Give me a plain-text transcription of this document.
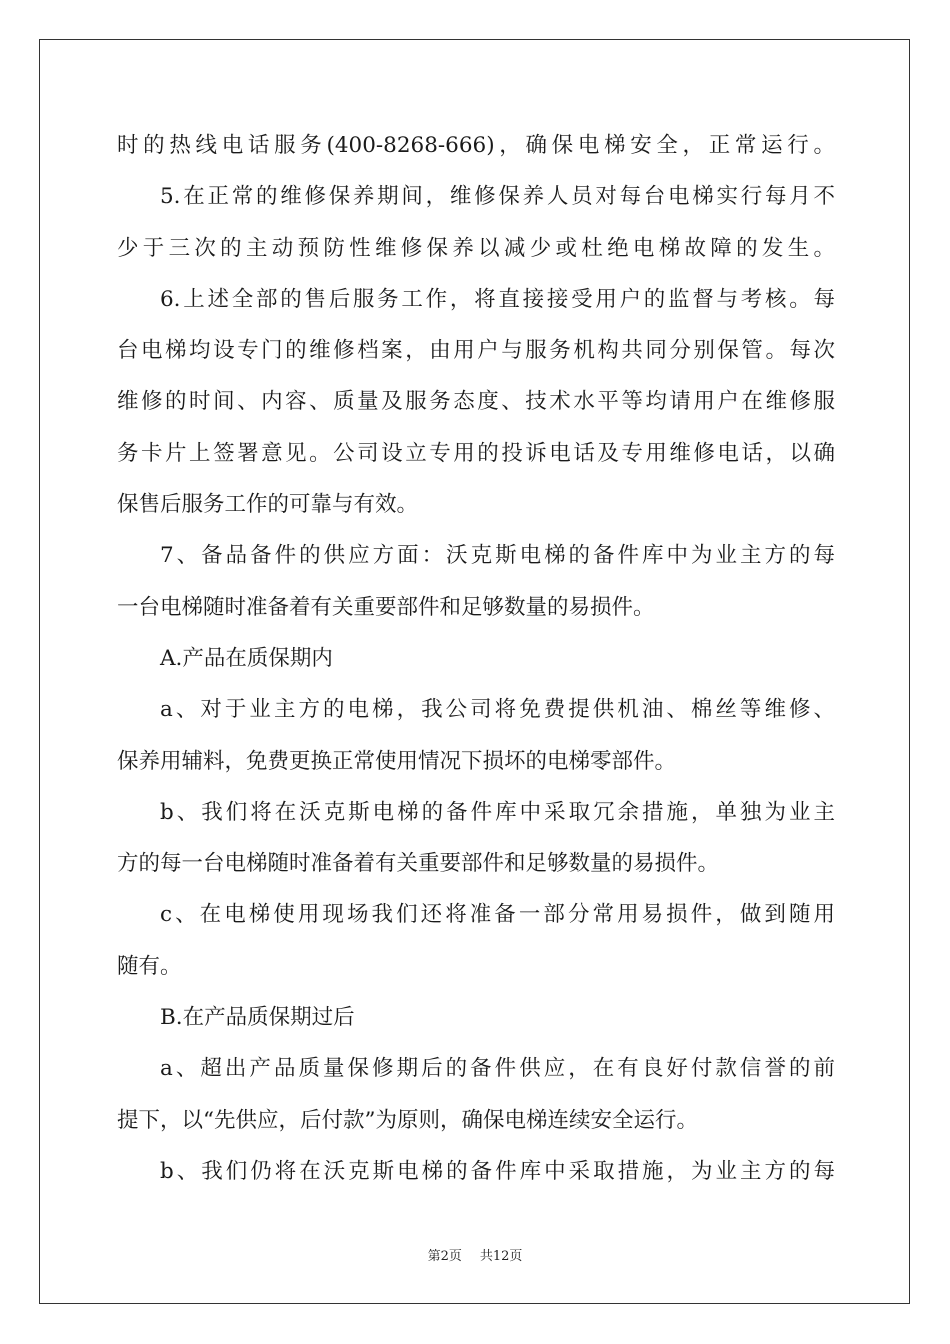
时的热线电话服务(400-8268-666)，确保电梯安全，正常运行。
5.在正常的维修保养期间，维修保养人员对每台电梯实行每月不
少于三次的主动预防性维修保养以减少或杜绝电梯故障的发生。
6.上述全部的售后服务工作，将直接接受用户的监督与考核。每
台电梯均设专门的维修档案，由用户与服务机构共同分别保管。每次
维修的时间、内容、质量及服务态度、技术水平等均请用户在维修服
务卡片上签署意见。公司设立专用的投诉电话及专用维修电话，以确
保售后服务工作的可靠与有效。
7、备品备件的供应方面：沃克斯电梯的备件库中为业主方的每
一台电梯随时准备着有关重要部件和足够数量的易损件。
A.产品在质保期内
a、对于业主方的电梯，我公司将免费提供机油、棉丝等维修、
保养用辅料，免费更换正常使用情况下损坏的电梯零部件。
b、我们将在沃克斯电梯的备件库中采取冗余措施，单独为业主
方的每一台电梯随时准备着有关重要部件和足够数量的易损件。
c、在电梯使用现场我们还将准备一部分常用易损件，做到随用
随有。
B.在产品质保期过后
a、超出产品质量保修期后的备件供应，在有良好付款信誉的前
提下，以“先供应，后付款”为原则，确保电梯连续安全运行。
b、我们仍将在沃克斯电梯的备件库中采取措施，为业主方的每
第2页 共12页
